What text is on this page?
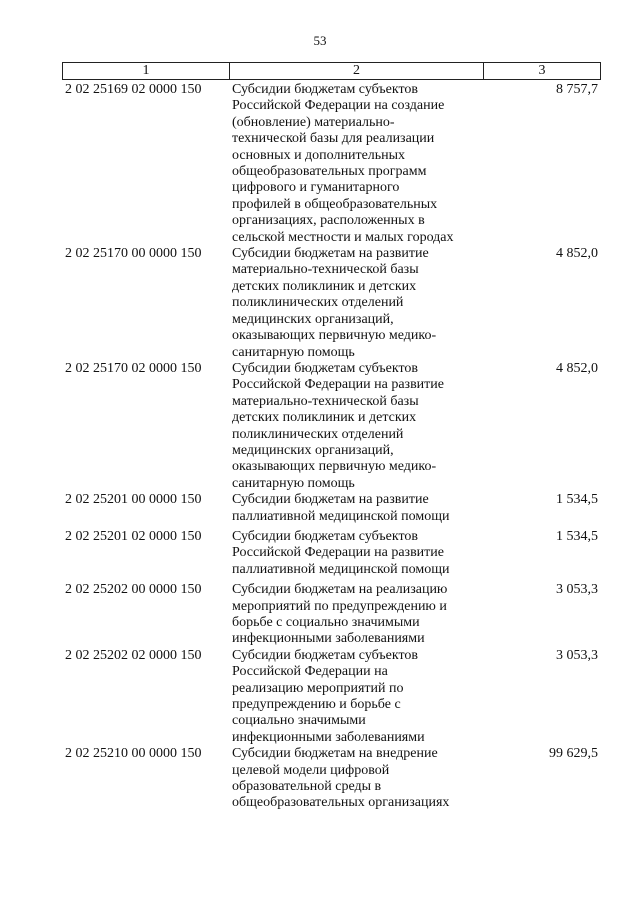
53
1	2	3
2 02 25169 02 0000 150	Субсидии бюджетам субъектов
Российской Федерации на создание
(обновление) материально-
технической базы для реализации
основных и дополнительных
общеобразовательных программ
цифрового и гуманитарного
профилей в общеобразовательных
организациях, расположенных в
сельской местности и малых городах
8 757,7
2 02 25170 00 0000 150	Субсидии бюджетам на развитие
материально-технической базы
детских поликлиник и детских
поликлинических отделений
медицинских организаций,
оказывающих первичную медико-
санитарную помощь
4 852,0
2 02 25170 02 0000 150	Субсидии бюджетам субъектов
Российской Федерации на развитие
материально-технической базы
детских поликлиник и детских
поликлинических отделений
медицинских организаций,
оказывающих первичную медико-
санитарную помощь
4 852,0
2 02 25201 00 0000 150	Субсидии бюджетам на развитие
паллиативной медицинской помощи
1 534,5
2 02 25201 02 0000 150	Субсидии бюджетам субъектов
Российской Федерации на развитие
паллиативной медицинской помощи
1 534,5
2 02 25202 00 0000 150	Субсидии бюджетам на реализацию
мероприятий по предупреждению и
борьбе с социально значимыми
инфекционными заболеваниями
3 053,3
2 02 25202 02 0000 150	Субсидии бюджетам субъектов
Российской Федерации на
реализацию мероприятий по
предупреждению и борьбе с
социально значимыми
инфекционными заболеваниями
3 053,3
2 02 25210 00 0000 150	Субсидии бюджетам на внедрение
целевой модели цифровой
образовательной среды в
общеобразовательных организациях
99 629,5
